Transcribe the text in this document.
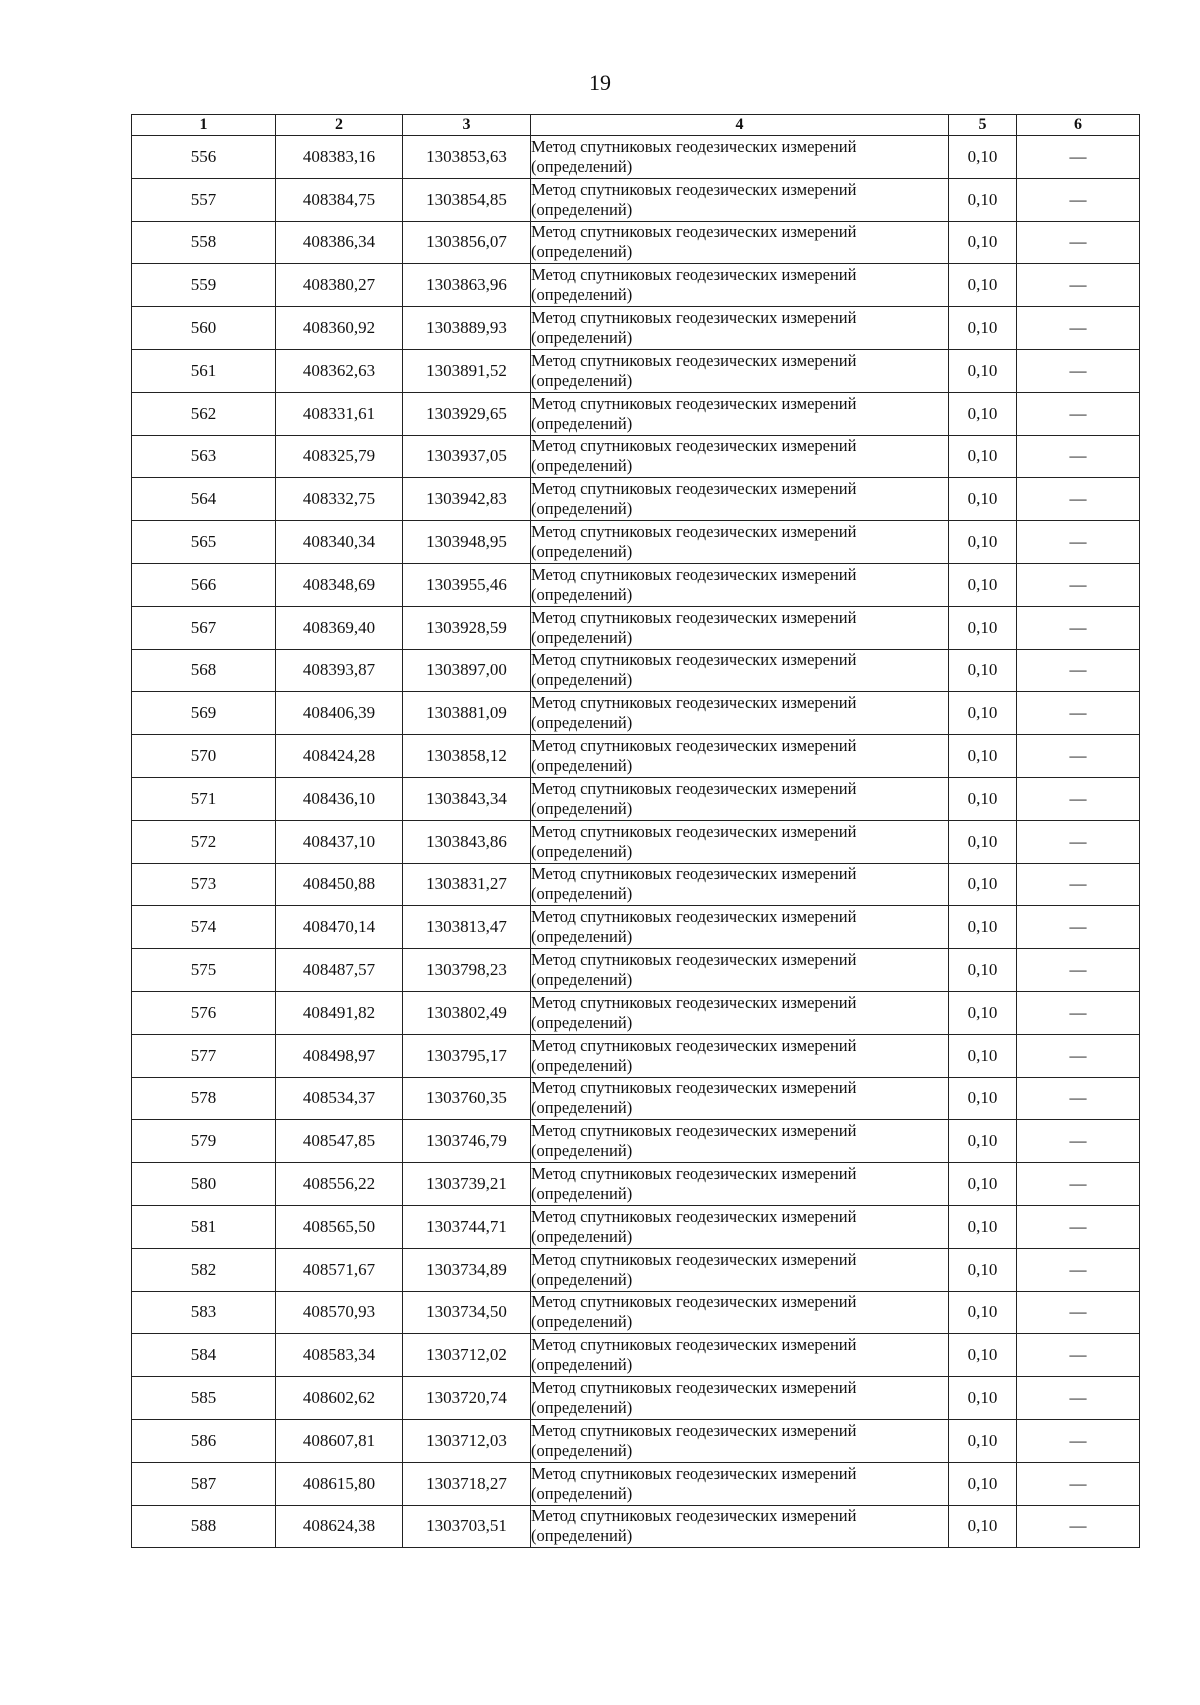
19
1	2	3	4	5	6
556	408383,16	1303853,63	Метод спутниковых геодезических измерений (определений)	0,10	—
557	408384,75	1303854,85	Метод спутниковых геодезических измерений (определений)	0,10	—
558	408386,34	1303856,07	Метод спутниковых геодезических измерений (определений)	0,10	—
559	408380,27	1303863,96	Метод спутниковых геодезических измерений (определений)	0,10	—
560	408360,92	1303889,93	Метод спутниковых геодезических измерений (определений)	0,10	—
561	408362,63	1303891,52	Метод спутниковых геодезических измерений (определений)	0,10	—
562	408331,61	1303929,65	Метод спутниковых геодезических измерений (определений)	0,10	—
563	408325,79	1303937,05	Метод спутниковых геодезических измерений (определений)	0,10	—
564	408332,75	1303942,83	Метод спутниковых геодезических измерений (определений)	0,10	—
565	408340,34	1303948,95	Метод спутниковых геодезических измерений (определений)	0,10	—
566	408348,69	1303955,46	Метод спутниковых геодезических измерений (определений)	0,10	—
567	408369,40	1303928,59	Метод спутниковых геодезических измерений (определений)	0,10	—
568	408393,87	1303897,00	Метод спутниковых геодезических измерений (определений)	0,10	—
569	408406,39	1303881,09	Метод спутниковых геодезических измерений (определений)	0,10	—
570	408424,28	1303858,12	Метод спутниковых геодезических измерений (определений)	0,10	—
571	408436,10	1303843,34	Метод спутниковых геодезических измерений (определений)	0,10	—
572	408437,10	1303843,86	Метод спутниковых геодезических измерений (определений)	0,10	—
573	408450,88	1303831,27	Метод спутниковых геодезических измерений (определений)	0,10	—
574	408470,14	1303813,47	Метод спутниковых геодезических измерений (определений)	0,10	—
575	408487,57	1303798,23	Метод спутниковых геодезических измерений (определений)	0,10	—
576	408491,82	1303802,49	Метод спутниковых геодезических измерений (определений)	0,10	—
577	408498,97	1303795,17	Метод спутниковых геодезических измерений (определений)	0,10	—
578	408534,37	1303760,35	Метод спутниковых геодезических измерений (определений)	0,10	—
579	408547,85	1303746,79	Метод спутниковых геодезических измерений (определений)	0,10	—
580	408556,22	1303739,21	Метод спутниковых геодезических измерений (определений)	0,10	—
581	408565,50	1303744,71	Метод спутниковых геодезических измерений (определений)	0,10	—
582	408571,67	1303734,89	Метод спутниковых геодезических измерений (определений)	0,10	—
583	408570,93	1303734,50	Метод спутниковых геодезических измерений (определений)	0,10	—
584	408583,34	1303712,02	Метод спутниковых геодезических измерений (определений)	0,10	—
585	408602,62	1303720,74	Метод спутниковых геодезических измерений (определений)	0,10	—
586	408607,81	1303712,03	Метод спутниковых геодезических измерений (определений)	0,10	—
587	408615,80	1303718,27	Метод спутниковых геодезических измерений (определений)	0,10	—
588	408624,38	1303703,51	Метод спутниковых геодезических измерений (определений)	0,10	—
